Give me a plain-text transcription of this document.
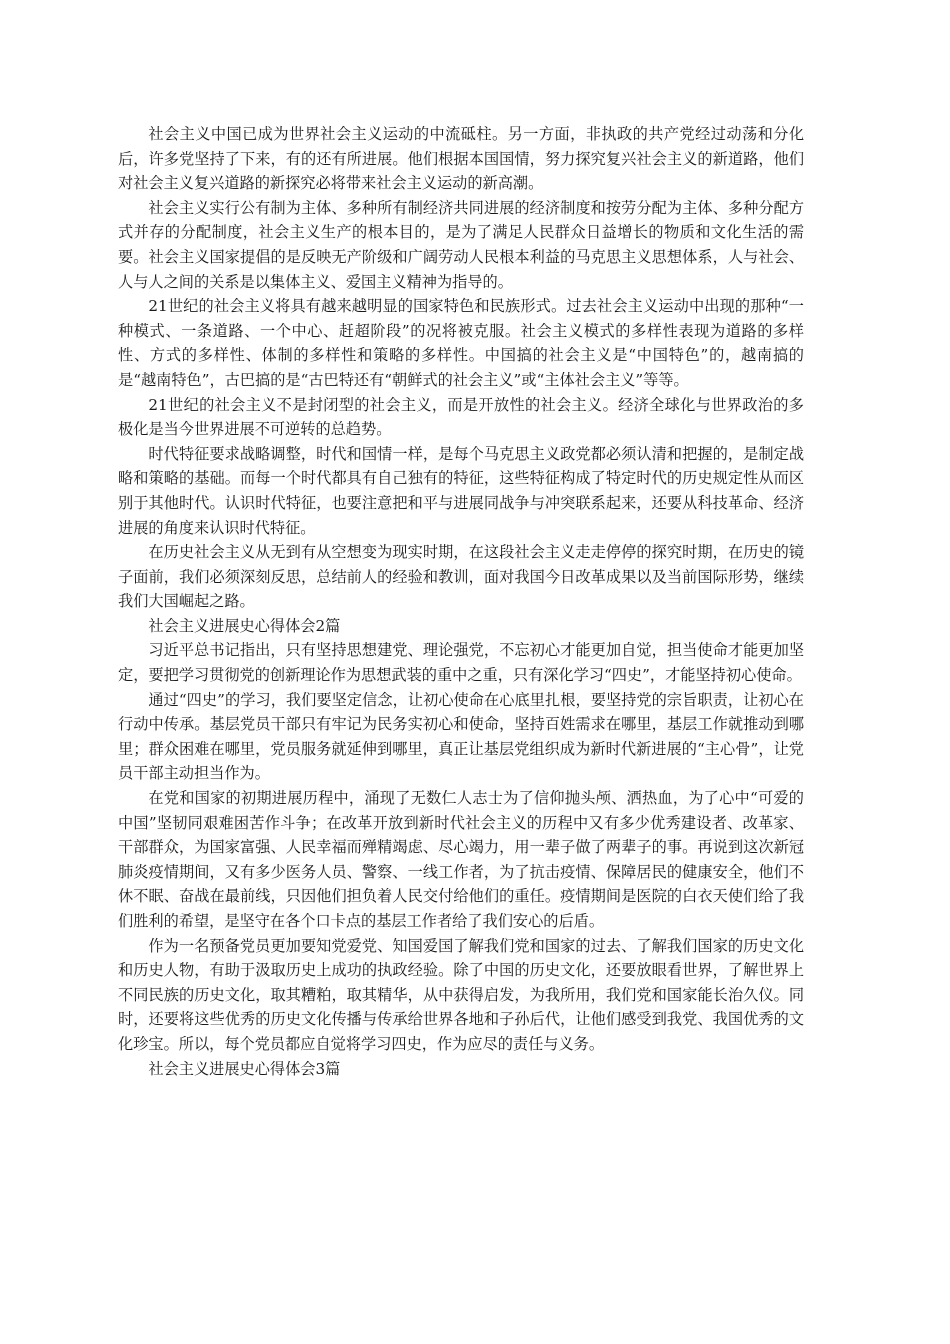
社会主义中国已成为世界社会主义运动的中流砥柱。另一方面，非执政的共产党经过动荡和分化后，许多党坚持了下来，有的还有所进展。他们根据本国国情，努力探究复兴社会主义的新道路，他们对社会主义复兴道路的新探究必将带来社会主义运动的新高潮。

社会主义实行公有制为主体、多种所有制经济共同进展的经济制度和按劳分配为主体、多种分配方式并存的分配制度，社会主义生产的根本目的，是为了满足人民群众日益增长的物质和文化生活的需要。社会主义国家提倡的是反映无产阶级和广阔劳动人民根本利益的马克思主义思想体系，人与社会、人与人之间的关系是以集体主义、爱国主义精神为指导的。

21世纪的社会主义将具有越来越明显的国家特色和民族形式。过去社会主义运动中出现的那种“一种模式、一条道路、一个中心、赶超阶段”的况将被克服。社会主义模式的多样性表现为道路的多样性、方式的多样性、体制的多样性和策略的多样性。中国搞的社会主义是“中国特色”的，越南搞的是“越南特色”，古巴搞的是“古巴特还有“朝鲜式的社会主义”或“主体社会主义”等等。

21世纪的社会主义不是封闭型的社会主义，而是开放性的社会主义。经济全球化与世界政治的多极化是当今世界进展不可逆转的总趋势。

时代特征要求战略调整，时代和国情一样，是每个马克思主义政党都必须认清和把握的，是制定战略和策略的基础。而每一个时代都具有自己独有的特征，这些特征构成了特定时代的历史规定性从而区别于其他时代。认识时代特征，也要注意把和平与进展同战争与冲突联系起来，还要从科技革命、经济进展的角度来认识时代特征。

在历史社会主义从无到有从空想变为现实时期，在这段社会主义走走停停的探究时期，在历史的镜子面前，我们必须深刻反思，总结前人的经验和教训，面对我国今日改革成果以及当前国际形势，继续我们大国崛起之路。

社会主义进展史心得体会2篇

习近平总书记指出，只有坚持思想建党、理论强党，不忘初心才能更加自觉，担当使命才能更加坚定，要把学习贯彻党的创新理论作为思想武装的重中之重，只有深化学习“四史”，才能坚持初心使命。

通过“四史”的学习，我们要坚定信念，让初心使命在心底里扎根，要坚持党的宗旨职责，让初心在行动中传承。基层党员干部只有牢记为民务实初心和使命，坚持百姓需求在哪里，基层工作就推动到哪里；群众困难在哪里，党员服务就延伸到哪里，真正让基层党组织成为新时代新进展的“主心骨”，让党员干部主动担当作为。

在党和国家的初期进展历程中，涌现了无数仁人志士为了信仰抛头颅、洒热血，为了心中“可爱的中国”坚韧同艰难困苦作斗争；在改革开放到新时代社会主义的历程中又有多少优秀建设者、改革家、干部群众，为国家富强、人民幸福而殚精竭虑、尽心竭力，用一辈子做了两辈子的事。再说到这次新冠肺炎疫情期间，又有多少医务人员、警察、一线工作者，为了抗击疫情、保障居民的健康安全，他们不休不眠、奋战在最前线，只因他们担负着人民交付给他们的重任。疫情期间是医院的白衣天使们给了我们胜利的希望，是坚守在各个口卡点的基层工作者给了我们安心的后盾。

作为一名预备党员更加要知党爱党、知国爱国了解我们党和国家的过去、了解我们国家的历史文化和历史人物，有助于汲取历史上成功的执政经验。除了中国的历史文化，还要放眼看世界，了解世界上不同民族的历史文化，取其糟粕，取其精华，从中获得启发，为我所用，我们党和国家能长治久仪。同时，还要将这些优秀的历史文化传播与传承给世界各地和子孙后代，让他们感受到我党、我国优秀的文化珍宝。所以，每个党员都应自觉将学习四史，作为应尽的责任与义务。

社会主义进展史心得体会3篇
